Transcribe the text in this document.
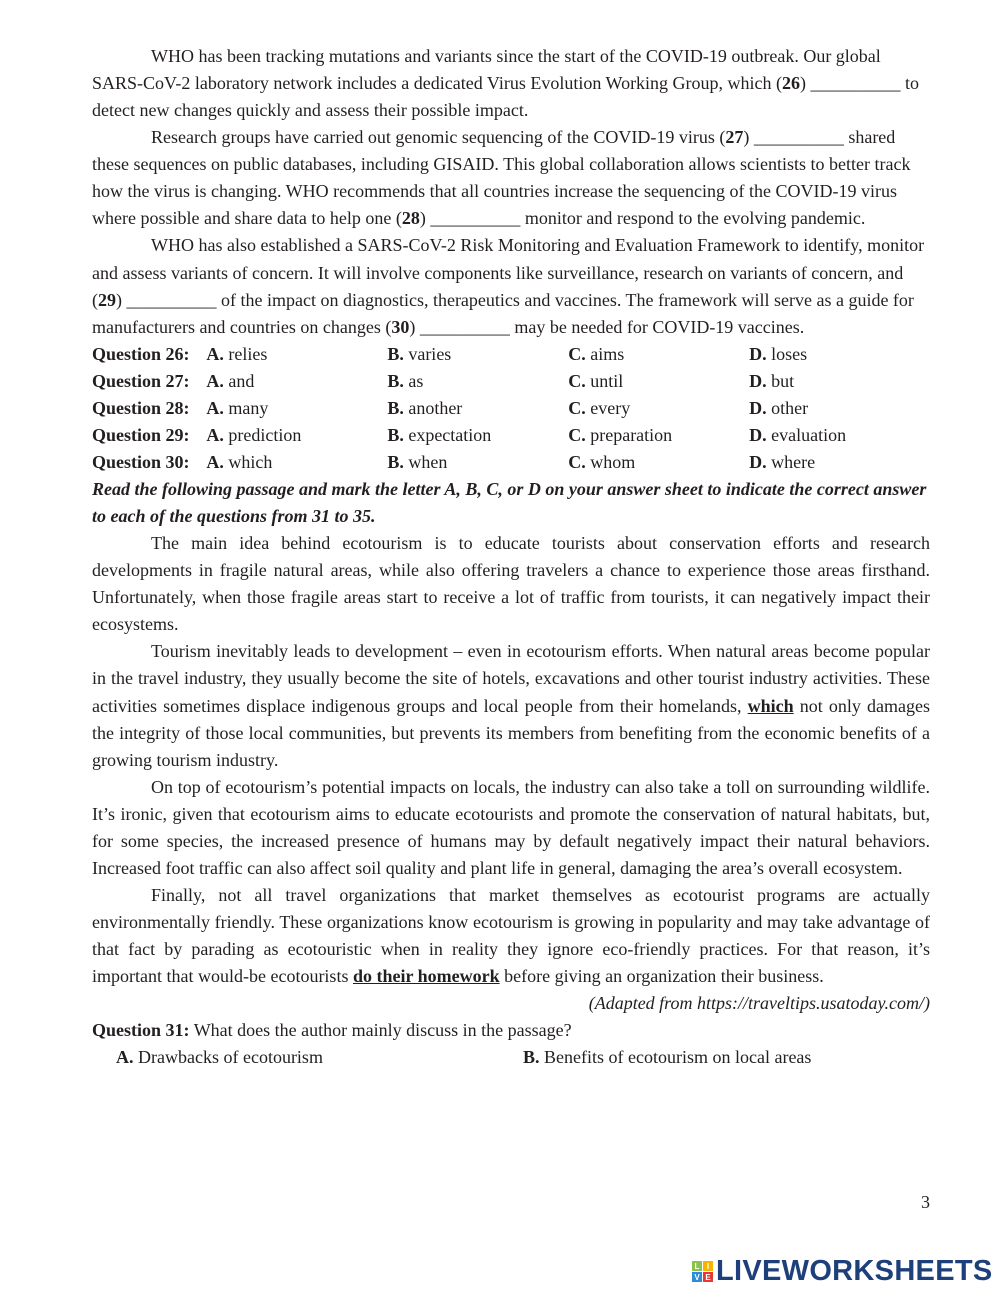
WHO has been tracking mutations and variants since the start of the COVID-19 outbreak. Our global SARS-CoV-2 laboratory network includes a dedicated Virus Evolution Working Group, which (26) __________ to detect new changes quickly and assess their possible impact.

Research groups have carried out genomic sequencing of the COVID-19 virus (27) __________ shared these sequences on public databases, including GISAID. This global collaboration allows scientists to better track how the virus is changing. WHO recommends that all countries increase the sequencing of the COVID-19 virus where possible and share data to help one (28) __________ monitor and respond to the evolving pandemic.

WHO has also established a SARS-CoV-2 Risk Monitoring and Evaluation Framework to identify, monitor and assess variants of concern. It will involve components like surveillance, research on variants of concern, and (29) __________ of the impact on diagnostics, therapeutics and vaccines. The framework will serve as a guide for manufacturers and countries on changes (30) __________ may be needed for COVID-19 vaccines.

Question 26: A. relies	B. varies	C. aims	D. loses
Question 27: A. and	B. as	C. until	D. but
Question 28: A. many	B. another	C. every	D. other
Question 29: A. prediction	B. expectation	C. preparation	D. evaluation
Question 30: A. which	B. when	C. whom	D. where

Read the following passage and mark the letter A, B, C, or D on your answer sheet to indicate the correct answer to each of the questions from 31 to 35.

The main idea behind ecotourism is to educate tourists about conservation efforts and research developments in fragile natural areas, while also offering travelers a chance to experience those areas firsthand. Unfortunately, when those fragile areas start to receive a lot of traffic from tourists, it can negatively impact their ecosystems.

Tourism inevitably leads to development – even in ecotourism efforts. When natural areas become popular in the travel industry, they usually become the site of hotels, excavations and other tourist industry activities. These activities sometimes displace indigenous groups and local people from their homelands, which not only damages the integrity of those local communities, but prevents its members from benefiting from the economic benefits of a growing tourism industry.

On top of ecotourism’s potential impacts on locals, the industry can also take a toll on surrounding wildlife. It’s ironic, given that ecotourism aims to educate ecotourists and promote the conservation of natural habitats, but, for some species, the increased presence of humans may by default negatively impact their natural behaviors. Increased foot traffic can also affect soil quality and plant life in general, damaging the area’s overall ecosystem.

Finally, not all travel organizations that market themselves as ecotourist programs are actually environmentally friendly. These organizations know ecotourism is growing in popularity and may take advantage of that fact by parading as ecotouristic when in reality they ignore eco-friendly practices. For that reason, it’s important that would-be ecotourists do their homework before giving an organization their business.

(Adapted from https://traveltips.usatoday.com/)

Question 31: What does the author mainly discuss in the passage?

A. Drawbacks of ecotourism	B. Benefits of ecotourism on local areas
3
L I
V E LIVEWORKSHEETS
